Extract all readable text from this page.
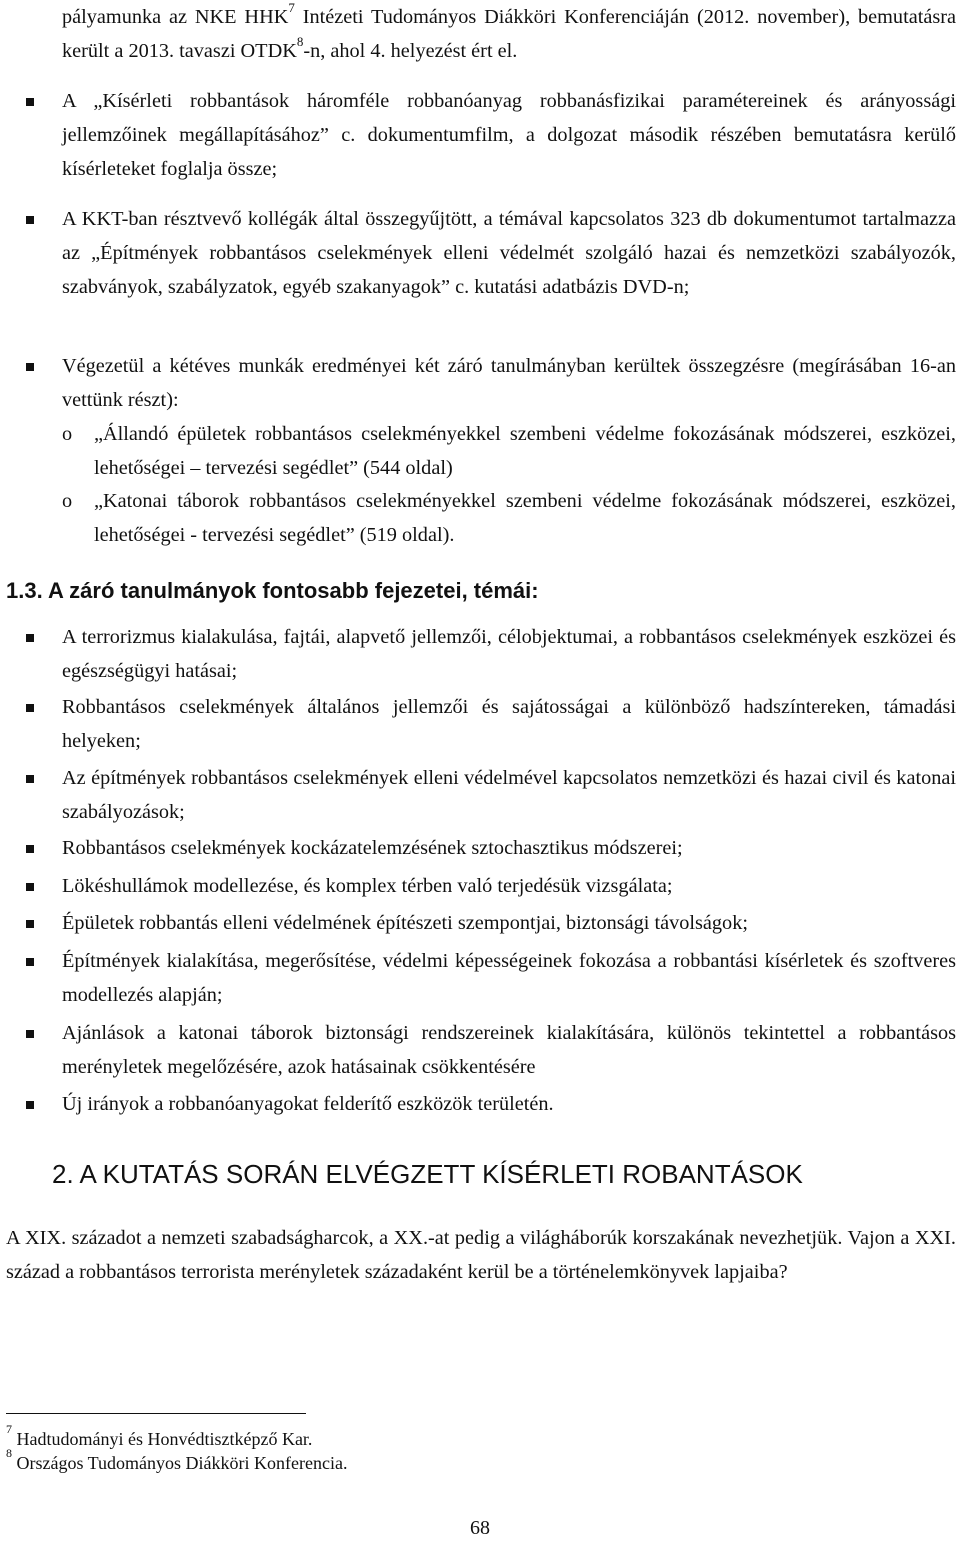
pályamunka az NKE HHK$^7$ Intézeti Tudományos Diákköri Konferenciáján (2012. november), bemutatásra került a 2013. tavaszi OTDK$^8$-n, ahol 4. helyezést ért el.

A „Kísérleti robbantások háromféle robbanóanyag robbanásfizikai paramétereinek és arányossági jellemzőinek megállapításához” c. dokumentumfilm, a dolgozat második részében bemutatásra kerülő kísérleteket foglalja össze;

A KKT-ban résztvevő kollégák által összegyűjtött, a témával kapcsolatos 323 db dokumentumot tartalmazza az „Építmények robbantásos cselekmények elleni védelmét szolgáló hazai és nemzetközi szabályozók, szabványok, szabályzatok, egyéb szakanyagok” c. kutatási adatbázis DVD-n;

Végezetül a kétéves munkák eredményei két záró tanulmányban kerültek összegzésre (megírásában 16-an vettünk részt):

o	„Állandó épületek robbantásos cselekményekkel szembeni védelme fokozásának módszerei, eszközei, lehetőségei – tervezési segédlet” (544 oldal)

o	„Katonai táborok robbantásos cselekményekkel szembeni védelme fokozásának módszerei, eszközei, lehetőségei - tervezési segédlet” (519 oldal).

1.3. A záró tanulmányok fontosabb fejezetei, témái:

A terrorizmus kialakulása, fajtái, alapvető jellemzői, célobjektumai, a robbantásos cselekmények eszközei és egészségügyi hatásai;

Robbantásos cselekmények általános jellemzői és sajátosságai a különböző hadszíntereken, támadási helyeken;

Az építmények robbantásos cselekmények elleni védelmével kapcsolatos nemzetközi és hazai civil és katonai szabályozások;

Robbantásos cselekmények kockázatelemzésének sztochasztikus módszerei;

Lökéshullámok modellezése, és komplex térben való terjedésük vizsgálata;

Épületek robbantás elleni védelmének építészeti szempontjai, biztonsági távolságok;

Építmények kialakítása, megerősítése, védelmi képességeinek fokozása a robbantási kísérletek és szoftveres modellezés alapján;

Ajánlások a katonai táborok biztonsági rendszereinek kialakítására, különös tekintettel a robbantásos merényletek megelőzésére, azok hatásainak csökkentésére

Új irányok a robbanóanyagokat felderítő eszközök területén.

2. A KUTATÁS SORÁN ELVÉGZETT KÍSÉRLETI ROBANTÁSOK

A XIX. századot a nemzeti szabadságharcok, a XX.-at pedig a világháborúk korszakának nevezhetjük. Vajon a XXI. század a robbantásos terrorista merényletek századaként kerül be a történelemkönyvek lapjaiba?

$^7$ Hadtudományi és Honvédtisztképző Kar.
$^8$ Országos Tudományos Diákköri Konferencia.
68
